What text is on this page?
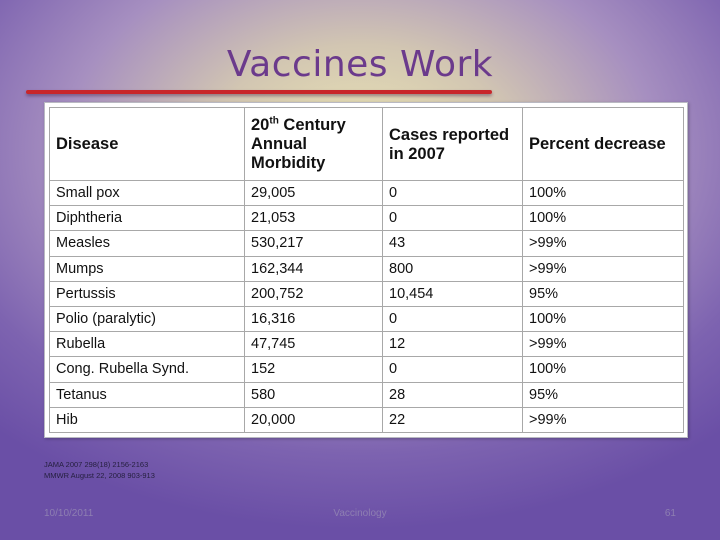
Vaccines Work
Disease	20th Century Annual Morbidity	Cases reported in 2007	Percent decrease
Small pox	29,005	0	100%
Diphtheria	21,053	0	100%
Measles	530,217	43	>99%
Mumps	162,344	800	>99%
Pertussis	200,752	10,454	95%
Polio (paralytic)	16,316	0	100%
Rubella	47,745	12	>99%
Cong. Rubella Synd.	152	0	100%
Tetanus	580	28	95%
Hib	20,000	22	>99%
JAMA 2007 298(18) 2156-2163
MMWR August 22, 2008 903-913
10/10/2011	Vaccinology	61
